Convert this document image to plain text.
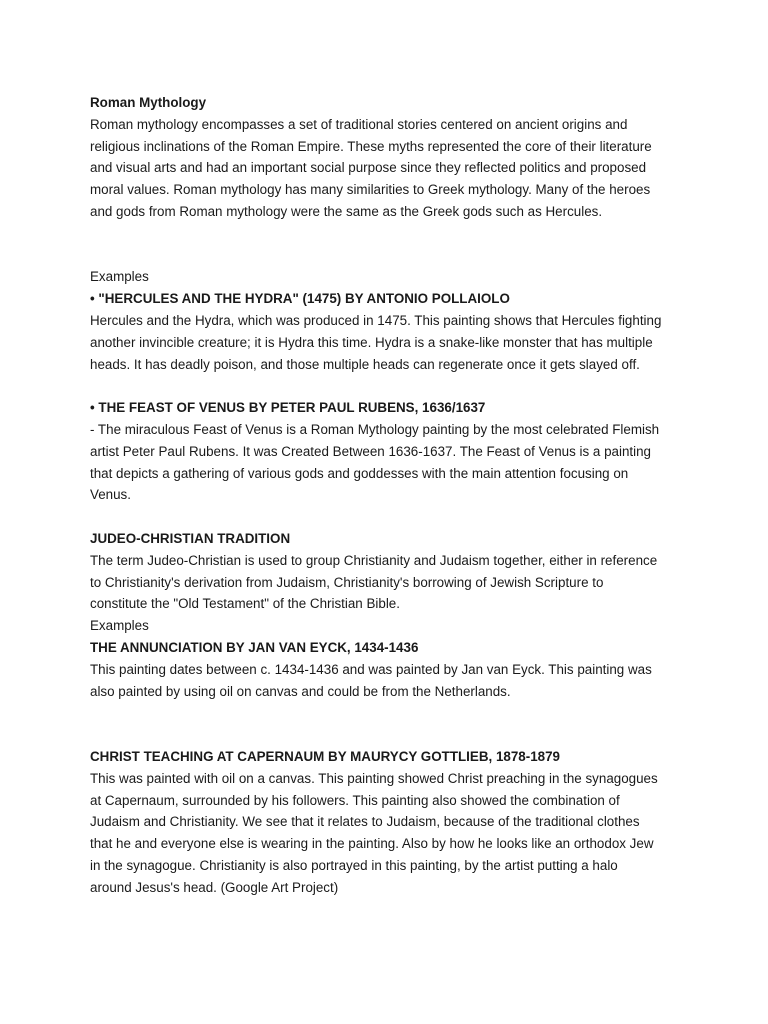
Roman Mythology
Roman mythology encompasses a set of traditional stories centered on ancient origins and
religious inclinations of the Roman Empire. These myths represented the core of their literature
and visual arts and had an important social purpose since they reflected politics and proposed
moral values. Roman mythology has many similarities to Greek mythology. Many of the heroes
and gods from Roman mythology were the same as the Greek gods such as Hercules.
Examples
• "HERCULES AND THE HYDRA" (1475) BY ANTONIO POLLAIOLO
Hercules and the Hydra, which was produced in 1475. This painting shows that Hercules fighting
another invincible creature; it is Hydra this time. Hydra is a snake-like monster that has multiple
heads. It has deadly poison, and those multiple heads can regenerate once it gets slayed off.
• THE FEAST OF VENUS BY PETER PAUL RUBENS, 1636/1637
- The miraculous Feast of Venus is a Roman Mythology painting by the most celebrated Flemish
artist Peter Paul Rubens. It was Created Between 1636-1637. The Feast of Venus is a painting
that depicts a gathering of various gods and goddesses with the main attention focusing on
Venus.
JUDEO-CHRISTIAN TRADITION
The term Judeo-Christian is used to group Christianity and Judaism together, either in reference
to Christianity's derivation from Judaism, Christianity's borrowing of Jewish Scripture to
constitute the "Old Testament" of the Christian Bible.
Examples
THE ANNUNCIATION BY JAN VAN EYCK, 1434-1436
This painting dates between c. 1434-1436 and was painted by Jan van Eyck. This painting was
also painted by using oil on canvas and could be from the Netherlands.
CHRIST TEACHING AT CAPERNAUM BY MAURYCY GOTTLIEB, 1878-1879
This was painted with oil on a canvas. This painting showed Christ preaching in the synagogues
at Capernaum, surrounded by his followers. This painting also showed the combination of
Judaism and Christianity. We see that it relates to Judaism, because of the traditional clothes
that he and everyone else is wearing in the painting. Also by how he looks like an orthodox Jew
in the synagogue. Christianity is also portrayed in this painting, by the artist putting a halo
around Jesus's head. (Google Art Project)
